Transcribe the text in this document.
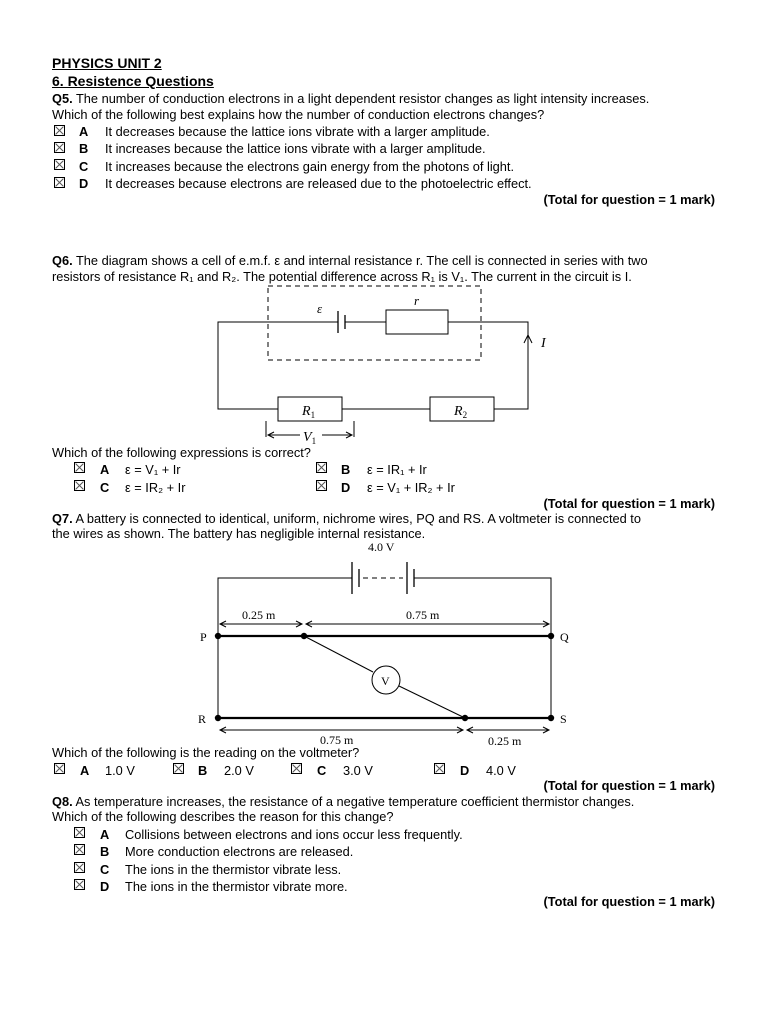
PHYSICS UNIT 2
6. Resistence Questions
Q5. The number of conduction electrons in a light dependent resistor changes as light intensity increases.
Which of the following best explains how the number of conduction electrons changes?
A It decreases because the lattice ions vibrate with a larger amplitude.
B It increases because the lattice ions vibrate with a larger amplitude.
C It increases because the electrons gain energy from the photons of light.
D It decreases because electrons are released due to the photoelectric effect.
(Total for question = 1 mark)
Q6. The diagram shows a cell of e.m.f. ε and internal resistance r. The cell is connected in series with two
resistors of resistance R₁ and R₂. The potential difference across R₁ is V₁. The current in the circuit is I.
ε
r
I
$R_1$	$R_2$
$V_1$
Which of the following expressions is correct?
A ε = V₁ + Ir	B ε = IR₁ + Ir
C ε = IR₂ + Ir	D ε = V₁ + IR₂ + Ir
(Total for question = 1 mark)
Q7. A battery is connected to identical, uniform, nichrome wires, PQ and RS. A voltmeter is connected to
the wires as shown. The battery has negligible internal resistance.
4.0 V
0.25 m	0.75 m
0.75 m	0.25 m
P	Q
R	S
V
Which of the following is the reading on the voltmeter?
A 1.0 V	B 2.0 V	C 3.0 V	D 4.0 V
(Total for question = 1 mark)
Q8. As temperature increases, the resistance of a negative temperature coefficient thermistor changes.
Which of the following describes the reason for this change?
A Collisions between electrons and ions occur less frequently.
B More conduction electrons are released.
C The ions in the thermistor vibrate less.
D The ions in the thermistor vibrate more.
(Total for question = 1 mark)
